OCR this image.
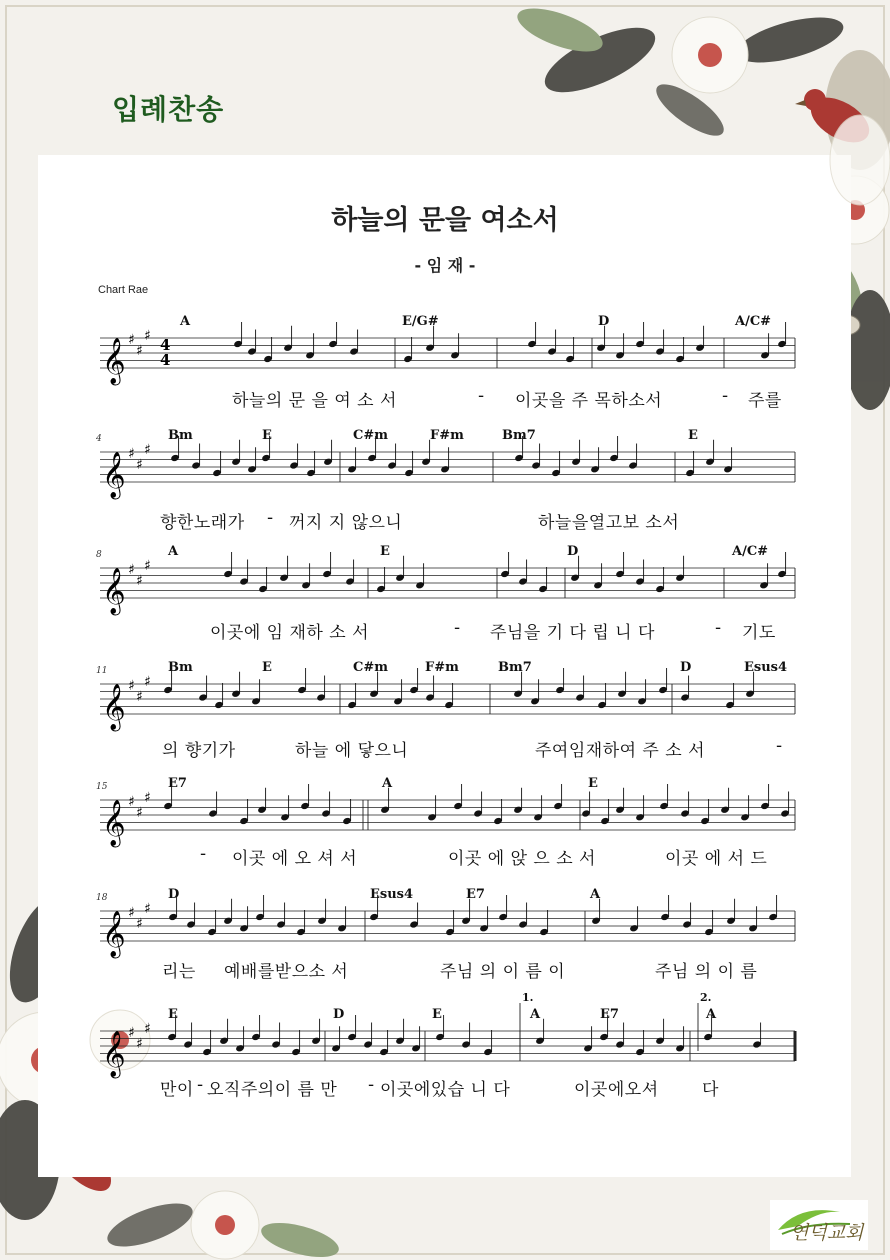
입례찬송
하늘의 문을 여소서
- 임 재 -
Chart Rae
𝄞 ♯
♯
♯ 4
4
A	E/G#	D	A/C#
하늘의 문 을 여 소 서	- 이곳을 주 목하소서	- 주를
𝄞 ♯
♯
♯
4	Bm	E	C#m	F#m	Bm7	E
향한노래가 - 꺼지 지 않으니	하늘을열고보 소서
𝄞 ♯
♯
♯
8	A	E	D	A/C#
이곳에 임 재하 소 서	- 주님을 기 다 립 니 다	- 기도
𝄞 ♯
♯
♯
11	Bm	E	C#m	F#m	Bm7	D	Esus4
의 향기가	하늘 에 닿으니	주여임재하여 주 소 서	-
𝄞 ♯
♯
♯
15	E7	A	E
- 이곳 에 오 셔 서	이곳 에 앉 으 소 서	이곳 에 서 드
𝄞 ♯
♯
♯
18	D	Esus4	E7	A
리는 예배를받으소 서	주님 의 이 름 이	주님 의 이 름
𝄞 ♯
♯
♯
1.	2.
E	D	E	A	E7	A
만이 - 오직주의이 름 만 - 이곳에있습 니 다	이곳에오셔	다
연덕교회
